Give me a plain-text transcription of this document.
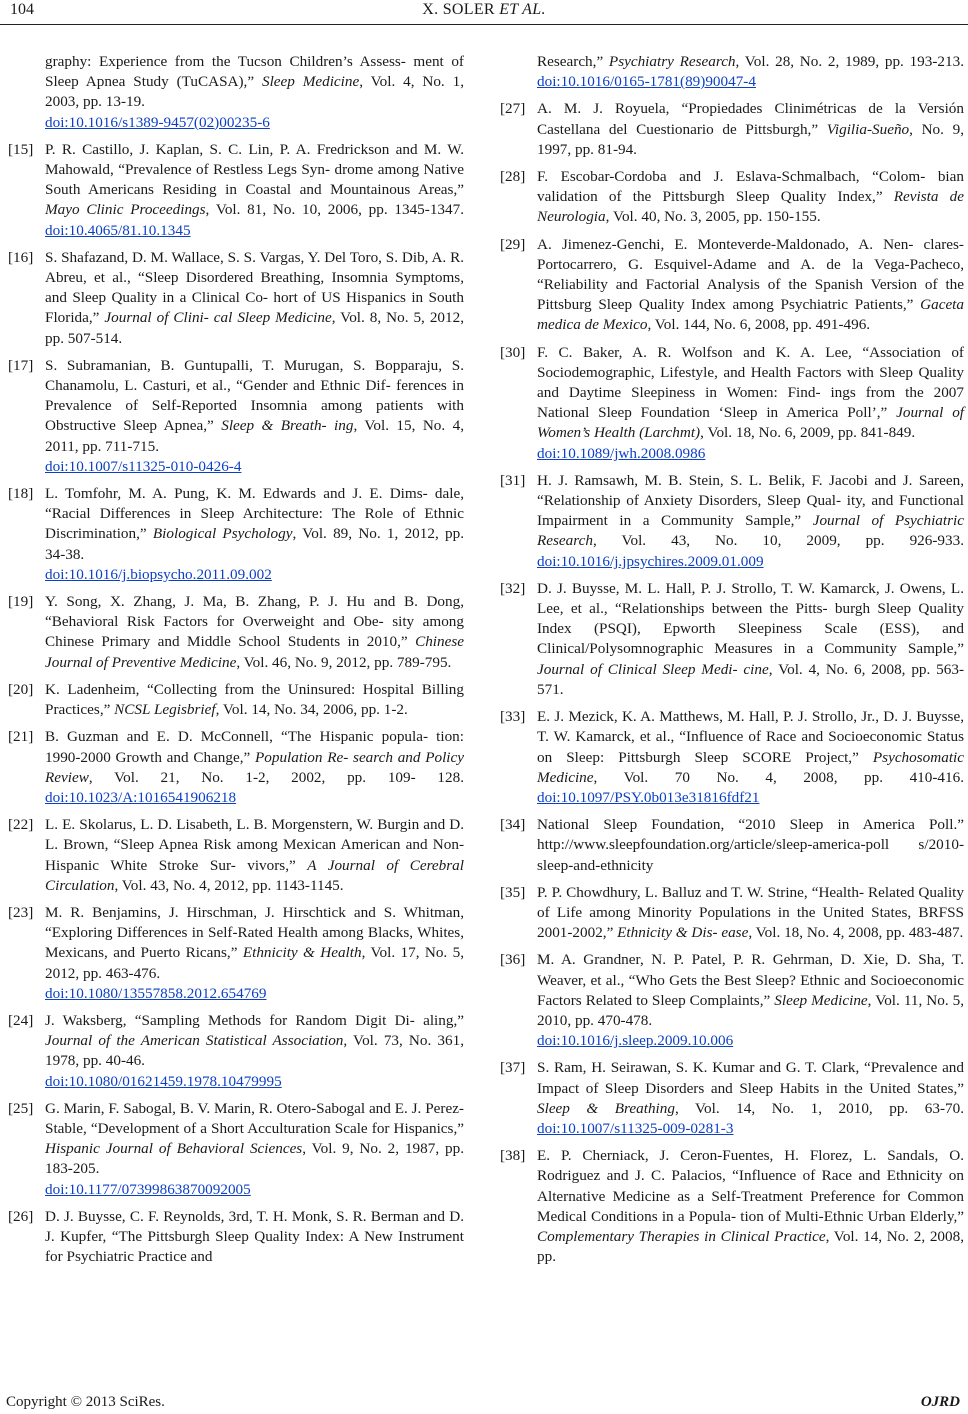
104	X. SOLER ET AL.
graphy: Experience from the Tucson Children’s Assess- ment of Sleep Apnea Study (TuCASA),” Sleep Medicine, Vol. 4, No. 1, 2003, pp. 13-19.
doi:10.1016/s1389-9457(02)00235-6
[15] P. R. Castillo, J. Kaplan, S. C. Lin, P. A. Fredrickson and M. W. Mahowald, “Prevalence of Restless Legs Syn- drome among Native South Americans Residing in Coastal and Mountainous Areas,” Mayo Clinic Proceedings, Vol. 81, No. 10, 2006, pp. 1345-1347. doi:10.4065/81.10.1345
[16] S. Shafazand, D. M. Wallace, S. S. Vargas, Y. Del Toro, S. Dib, A. R. Abreu, et al., “Sleep Disordered Breathing, Insomnia Symptoms, and Sleep Quality in a Clinical Co- hort of US Hispanics in South Florida,” Journal of Clini- cal Sleep Medicine, Vol. 8, No. 5, 2012, pp. 507-514.
[17] S. Subramanian, B. Guntupalli, T. Murugan, S. Bopparaju, S. Chanamolu, L. Casturi, et al., “Gender and Ethnic Dif- ferences in Prevalence of Self-Reported Insomnia among patients with Obstructive Sleep Apnea,” Sleep & Breath- ing, Vol. 15, No. 4, 2011, pp. 711-715.
doi:10.1007/s11325-010-0426-4
[18] L. Tomfohr, M. A. Pung, K. M. Edwards and J. E. Dims- dale, “Racial Differences in Sleep Architecture: The Role of Ethnic Discrimination,” Biological Psychology, Vol. 89, No. 1, 2012, pp. 34-38.
doi:10.1016/j.biopsycho.2011.09.002
[19] Y. Song, X. Zhang, J. Ma, B. Zhang, P. J. Hu and B. Dong, “Behavioral Risk Factors for Overweight and Obe- sity among Chinese Primary and Middle School Students in 2010,” Chinese Journal of Preventive Medicine, Vol. 46, No. 9, 2012, pp. 789-795.
[20] K. Ladenheim, “Collecting from the Uninsured: Hospital Billing Practices,” NCSL Legisbrief, Vol. 14, No. 34, 2006, pp. 1-2.
[21] B. Guzman and E. D. McConnell, “The Hispanic popula- tion: 1990-2000 Growth and Change,” Population Re- search and Policy Review, Vol. 21, No. 1-2, 2002, pp. 109- 128. doi:10.1023/A:1016541906218
[22] L. E. Skolarus, L. D. Lisabeth, L. B. Morgenstern, W. Burgin and D. L. Brown, “Sleep Apnea Risk among Mexican American and Non-Hispanic White Stroke Sur- vivors,” A Journal of Cerebral Circulation, Vol. 43, No. 4, 2012, pp. 1143-1145.
[23] M. R. Benjamins, J. Hirschman, J. Hirschtick and S. Whitman, “Exploring Differences in Self-Rated Health among Blacks, Whites, Mexicans, and Puerto Ricans,” Ethnicity & Health, Vol. 17, No. 5, 2012, pp. 463-476.
doi:10.1080/13557858.2012.654769
[24] J. Waksberg, “Sampling Methods for Random Digit Di- aling,” Journal of the American Statistical Association, Vol. 73, No. 361, 1978, pp. 40-46.
doi:10.1080/01621459.1978.10479995
[25] G. Marin, F. Sabogal, B. V. Marin, R. Otero-Sabogal and E. J. Perez-Stable, “Development of a Short Acculturation Scale for Hispanics,” Hispanic Journal of Behavioral Sciences, Vol. 9, No. 2, 1987, pp. 183-205.
doi:10.1177/07399863870092005
[26] D. J. Buysse, C. F. Reynolds, 3rd, T. H. Monk, S. R. Berman and D. J. Kupfer, “The Pittsburgh Sleep Quality Index: A New Instrument for Psychiatric Practice and
Research,” Psychiatry Research, Vol. 28, No. 2, 1989, pp. 193-213. doi:10.1016/0165-1781(89)90047-4
[27] A. M. J. Royuela, “Propiedades Clinimétricas de la Versión Castellana del Cuestionario de Pittsburgh,” Vigilia-Sueño, No. 9, 1997, pp. 81-94.
[28] F. Escobar-Cordoba and J. Eslava-Schmalbach, “Colom- bian validation of the Pittsburgh Sleep Quality Index,” Revista de Neurologia, Vol. 40, No. 3, 2005, pp. 150-155.
[29] A. Jimenez-Genchi, E. Monteverde-Maldonado, A. Nen- clares-Portocarrero, G. Esquivel-Adame and A. de la Vega-Pacheco, “Reliability and Factorial Analysis of the Spanish Version of the Pittsburg Sleep Quality Index among Psychiatric Patients,” Gaceta medica de Mexico, Vol. 144, No. 6, 2008, pp. 491-496.
[30] F. C. Baker, A. R. Wolfson and K. A. Lee, “Association of Sociodemographic, Lifestyle, and Health Factors with Sleep Quality and Daytime Sleepiness in Women: Find- ings from the 2007 National Sleep Foundation ‘Sleep in America Poll’,” Journal of Women’s Health (Larchmt), Vol. 18, No. 6, 2009, pp. 841-849.
doi:10.1089/jwh.2008.0986
[31] H. J. Ramsawh, M. B. Stein, S. L. Belik, F. Jacobi and J. Sareen, “Relationship of Anxiety Disorders, Sleep Qual- ity, and Functional Impairment in a Community Sample,” Journal of Psychiatric Research, Vol. 43, No. 10, 2009, pp. 926-933. doi:10.1016/j.jpsychires.2009.01.009
[32] D. J. Buysse, M. L. Hall, P. J. Strollo, T. W. Kamarck, J. Owens, L. Lee, et al., “Relationships between the Pitts- burgh Sleep Quality Index (PSQI), Epworth Sleepiness Scale (ESS), and Clinical/Polysomnographic Measures in a Community Sample,” Journal of Clinical Sleep Medi- cine, Vol. 4, No. 6, 2008, pp. 563-571.
[33] E. J. Mezick, K. A. Matthews, M. Hall, P. J. Strollo, Jr., D. J. Buysse, T. W. Kamarck, et al., “Influence of Race and Socioeconomic Status on Sleep: Pittsburgh Sleep SCORE Project,” Psychosomatic Medicine, Vol. 70 No. 4, 2008, pp. 410-416. doi:10.1097/PSY.0b013e31816fdf21
[34] National Sleep Foundation, “2010 Sleep in America Poll.” http://www.sleepfoundation.org/article/sleep-america-poll s/2010-sleep-and-ethnicity
[35] P. P. Chowdhury, L. Balluz and T. W. Strine, “Health- Related Quality of Life among Minority Populations in the United States, BRFSS 2001-2002,” Ethnicity & Dis- ease, Vol. 18, No. 4, 2008, pp. 483-487.
[36] M. A. Grandner, N. P. Patel, P. R. Gehrman, D. Xie, D. Sha, T. Weaver, et al., “Who Gets the Best Sleep? Ethnic and Socioeconomic Factors Related to Sleep Complaints,” Sleep Medicine, Vol. 11, No. 5, 2010, pp. 470-478.
doi:10.1016/j.sleep.2009.10.006
[37] S. Ram, H. Seirawan, S. K. Kumar and G. T. Clark, “Prevalence and Impact of Sleep Disorders and Sleep Habits in the United States,” Sleep & Breathing, Vol. 14, No. 1, 2010, pp. 63-70. doi:10.1007/s11325-009-0281-3
[38] E. P. Cherniack, J. Ceron-Fuentes, H. Florez, L. Sandals, O. Rodriguez and J. C. Palacios, “Influence of Race and Ethnicity on Alternative Medicine as a Self-Treatment Preference for Common Medical Conditions in a Popula- tion of Multi-Ethnic Urban Elderly,” Complementary Therapies in Clinical Practice, Vol. 14, No. 2, 2008, pp.
Copyright © 2013 SciRes.	OJRD
